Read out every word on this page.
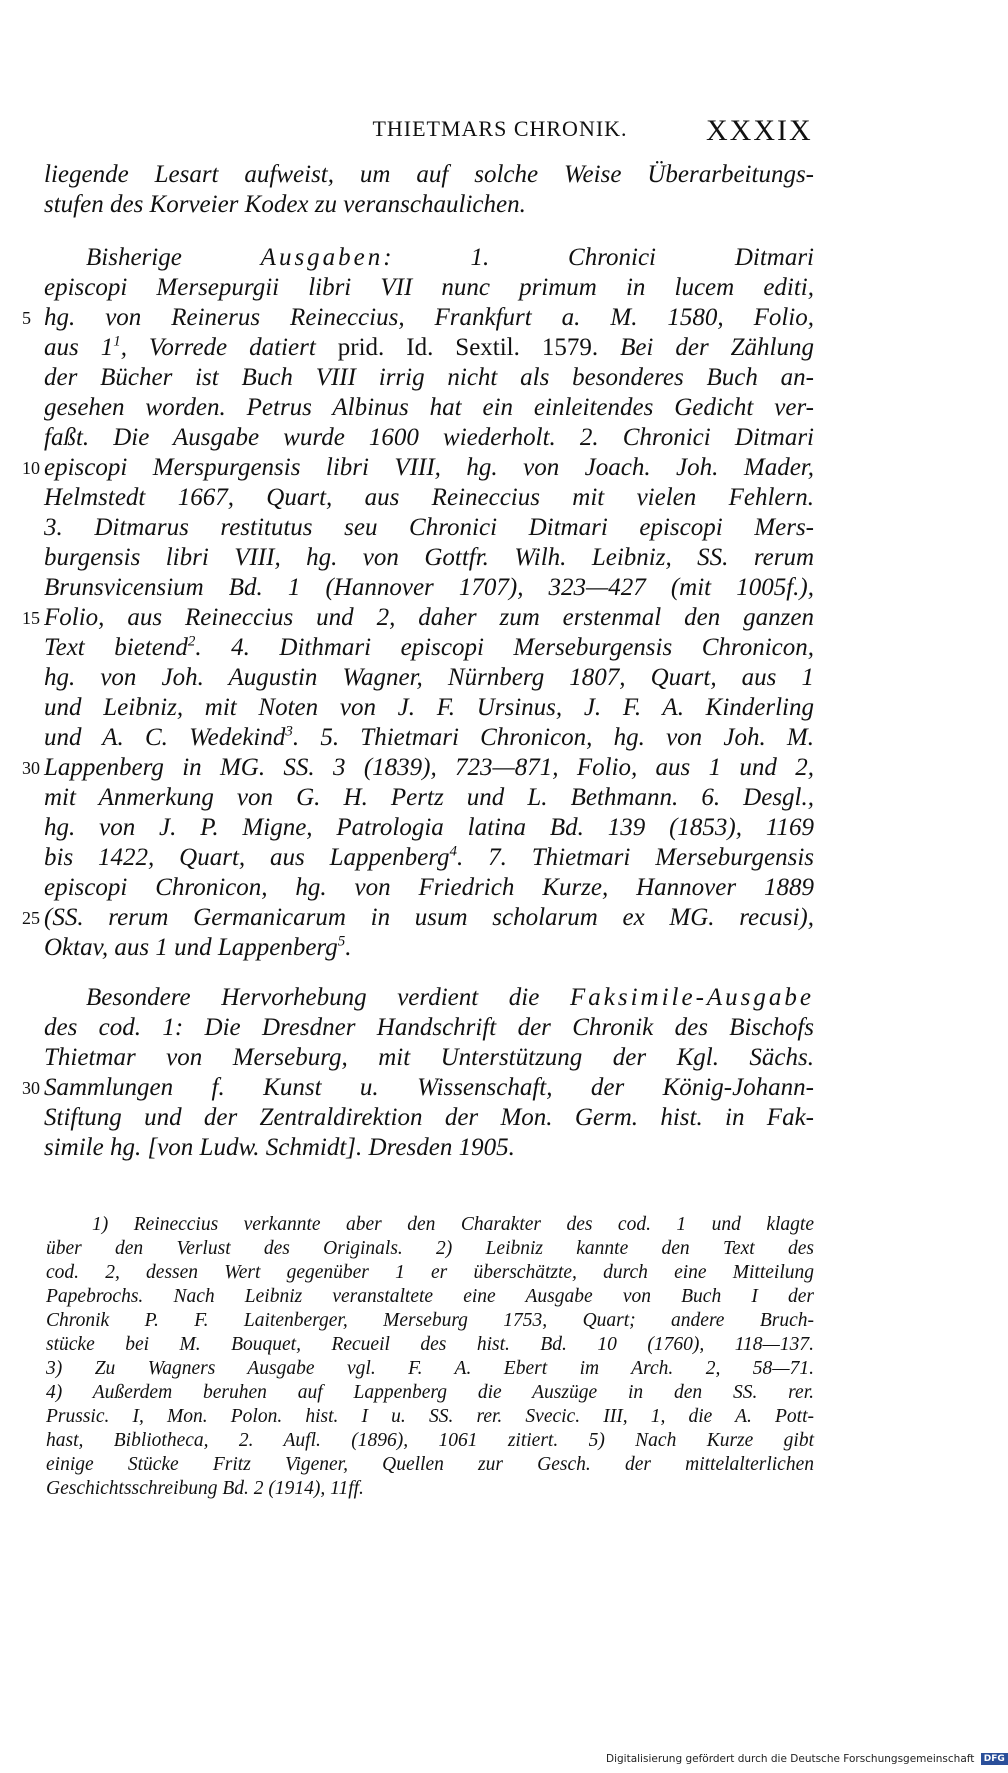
THIETMARS CHRONIK.	XXXIX
liegende Lesart aufweist, um auf solche Weise Überarbeitungs-
stufen des Korveier Kodex zu veranschaulichen.
Bisherige	Ausgaben: 1. Chronici Ditmari
episcopi Mersepurgii libri VII nunc primum in lucem editi,
hg. von Reinerus Reineccius, Frankfurt a. M. 1580, Folio,
aus $1^1$, Vorrede datiert prid. Id. Sextil. 1579. Bei der Zählung
der Bücher ist Buch VIII irrig nicht als besonderes Buch an-
gesehen worden. Petrus Albinus hat ein einleitendes Gedicht ver-
faßt. Die Ausgabe wurde 1600 wiederholt. 2. Chronici Ditmari
episcopi Merspurgensis libri VIII, hg. von Joach. Joh. Mader,
Helmstedt 1667, Quart, aus Reineccius mit vielen Fehlern.
3. Ditmarus restitutus seu Chronici Ditmari episcopi Mers-
burgensis libri VIII, hg. von Gottfr. Wilh. Leibniz, SS. rerum
Brunsvicensium Bd. 1 (Hannover 1707), 323—427 (mit 1005f.),
Folio, aus Reineccius und 2, daher zum erstenmal den ganzen
Text bietend$^2$. 4. Dithmari episcopi Merseburgensis Chronicon,
hg. von Joh. Augustin Wagner, Nürnberg 1807, Quart, aus 1
und Leibniz, mit Noten von J. F. Ursinus, J. F. A. Kinderling
und A. C. Wedekind$^3$. 5. Thietmari Chronicon, hg. von Joh. M.
Lappenberg in MG. SS. 3 (1839), 723—871, Folio, aus 1 und 2,
mit Anmerkung von G. H. Pertz und L. Bethmann. 6. Desgl.,
hg. von J. P. Migne, Patrologia latina Bd. 139 (1853), 1169
bis 1422, Quart, aus Lappenberg$^4$. 7. Thietmari Merseburgensis
episcopi Chronicon, hg. von Friedrich Kurze, Hannover 1889
(SS. rerum Germanicarum in usum scholarum ex MG. recusi),
Oktav, aus 1 und Lappenberg$^5$.
Besondere Hervorhebung verdient die Faksimile-Ausgabe
des cod. 1: Die Dresdner Handschrift der Chronik des Bischofs
Thietmar von Merseburg, mit Unterstützung der Kgl. Sächs.
Sammlungen f. Kunst u. Wissenschaft, der König-Johann-
Stiftung und der Zentraldirektion der Mon. Germ. hist. in Fak-
simile hg. [von Ludw. Schmidt]. Dresden 1905.
5
10
15
30
25
30
1) Reineccius verkannte aber den Charakter des cod. 1 und klagte
über den Verlust des Originals. 2) Leibniz kannte den Text des
cod. 2, dessen Wert gegenüber 1 er überschätzte, durch eine Mitteilung
Papebrochs. Nach Leibniz veranstaltete eine Ausgabe von Buch I der
Chronik P. F. Laitenberger, Merseburg 1753, Quart; andere Bruch-
stücke bei M. Bouquet, Recueil des hist. Bd. 10 (1760), 118—137.
3) Zu Wagners Ausgabe vgl. F. A. Ebert im Arch. 2, 58—71.
4) Außerdem beruhen auf Lappenberg die Auszüge in den SS. rer.
Prussic. I, Mon. Polon. hist. I u. SS. rer. Svecic. III, 1, die A. Pott-
hast, Bibliotheca, 2. Aufl. (1896), 1061 zitiert. 5) Nach Kurze gibt
einige Stücke Fritz Vigener, Quellen zur Gesch. der mittelalterlichen
Geschichtsschreibung Bd. 2 (1914), 11ff.
Digitalisierung gefördert durch die Deutsche Forschungsgemeinschaft DFG
